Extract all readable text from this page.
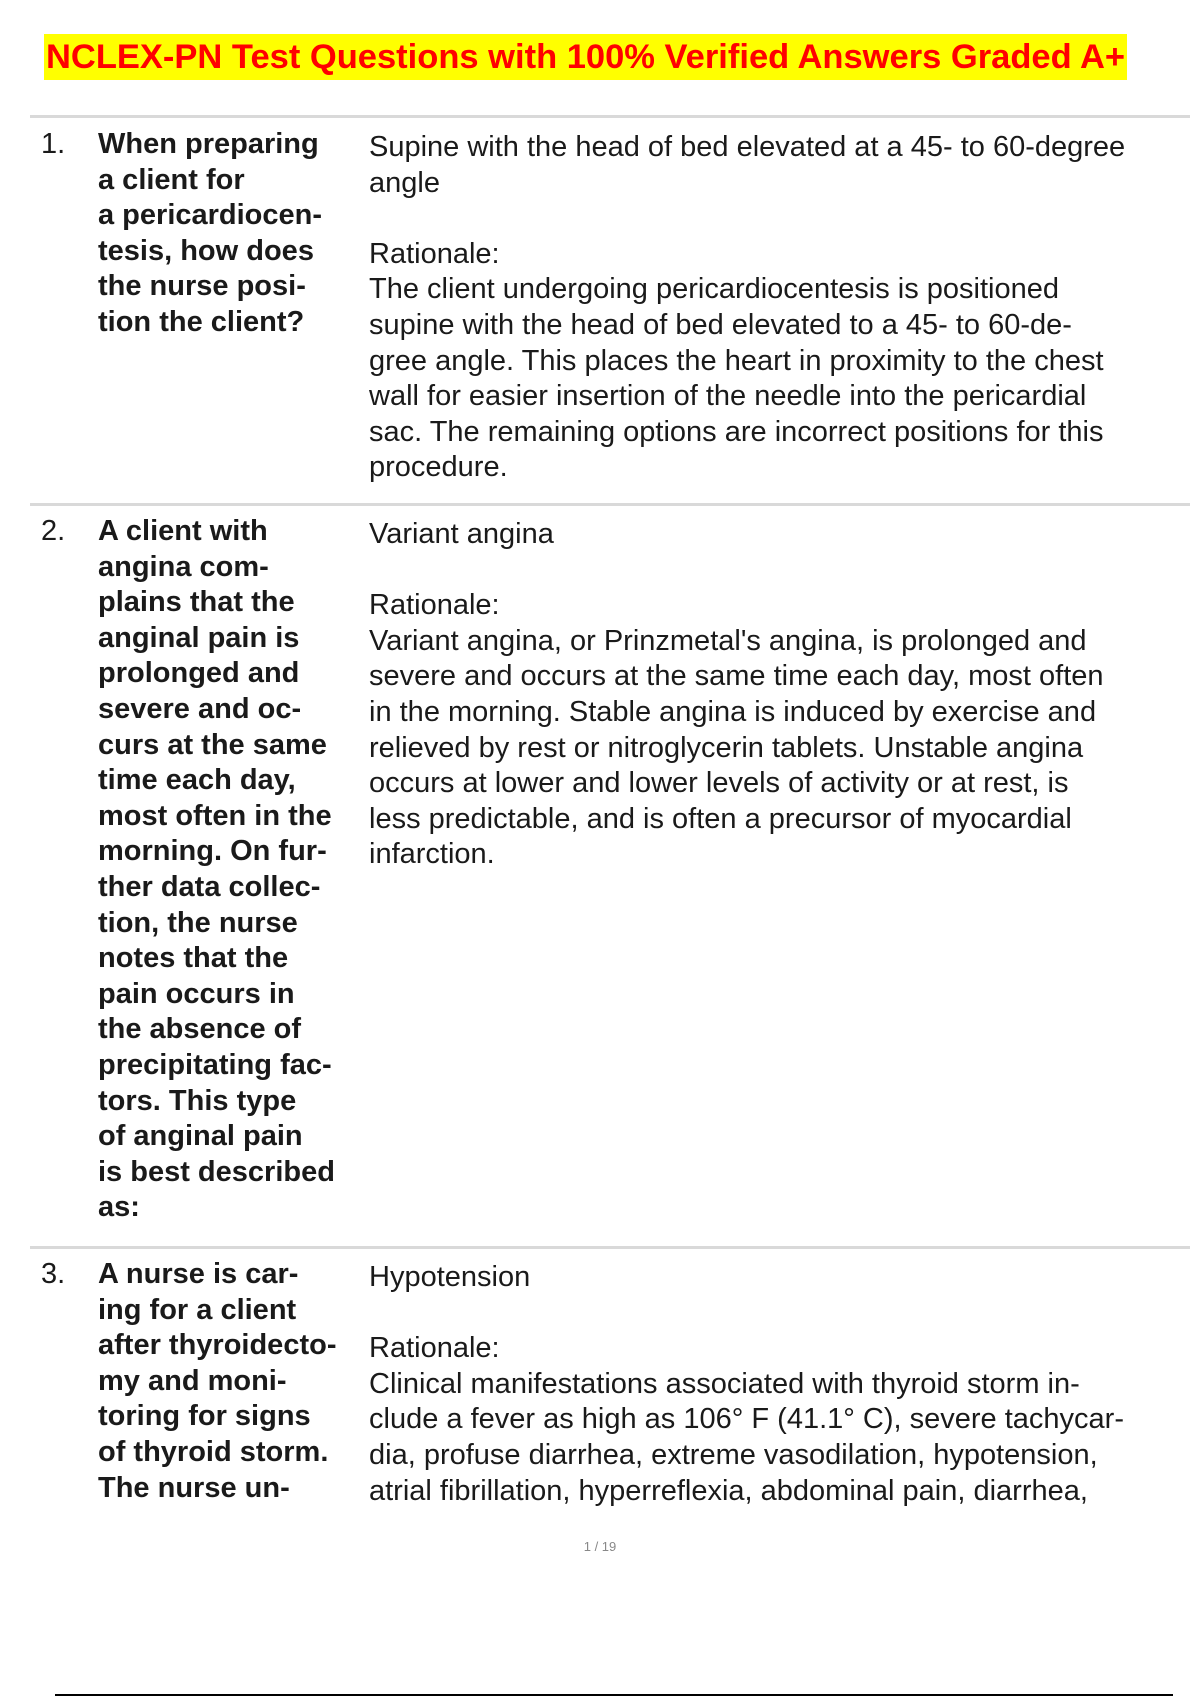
NCLEX-PN Test Questions with 100% Verified Answers Graded A+
1. When preparing
a client for
a pericardiocen-
tesis, how does
the nurse posi-
tion the client?
Supine with the head of bed elevated at a 45- to 60-degree
angle

Rationale:
The client undergoing pericardiocentesis is positioned
supine with the head of bed elevated to a 45- to 60-de-
gree angle. This places the heart in proximity to the chest
wall for easier insertion of the needle into the pericardial
sac. The remaining options are incorrect positions for this
procedure.
2. A client with
angina com-
plains that the
anginal pain is
prolonged and
severe and oc-
curs at the same
time each day,
most often in the
morning. On fur-
ther data collec-
tion, the nurse
notes that the
pain occurs in
the absence of
precipitating fac-
tors. This type
of anginal pain
is best described
as:
Variant angina

Rationale:
Variant angina, or Prinzmetal's angina, is prolonged and
severe and occurs at the same time each day, most often
in the morning. Stable angina is induced by exercise and
relieved by rest or nitroglycerin tablets. Unstable angina
occurs at lower and lower levels of activity or at rest, is
less predictable, and is often a precursor of myocardial
infarction.
3. A nurse is car-
ing for a client
after thyroidecto-
my and moni-
toring for signs
of thyroid storm.
The nurse un-
Hypotension

Rationale:
Clinical manifestations associated with thyroid storm in-
clude a fever as high as 106° F (41.1° C), severe tachycar-
dia, profuse diarrhea, extreme vasodilation, hypotension,
atrial fibrillation, hyperreflexia, abdominal pain, diarrhea,
1 / 19
